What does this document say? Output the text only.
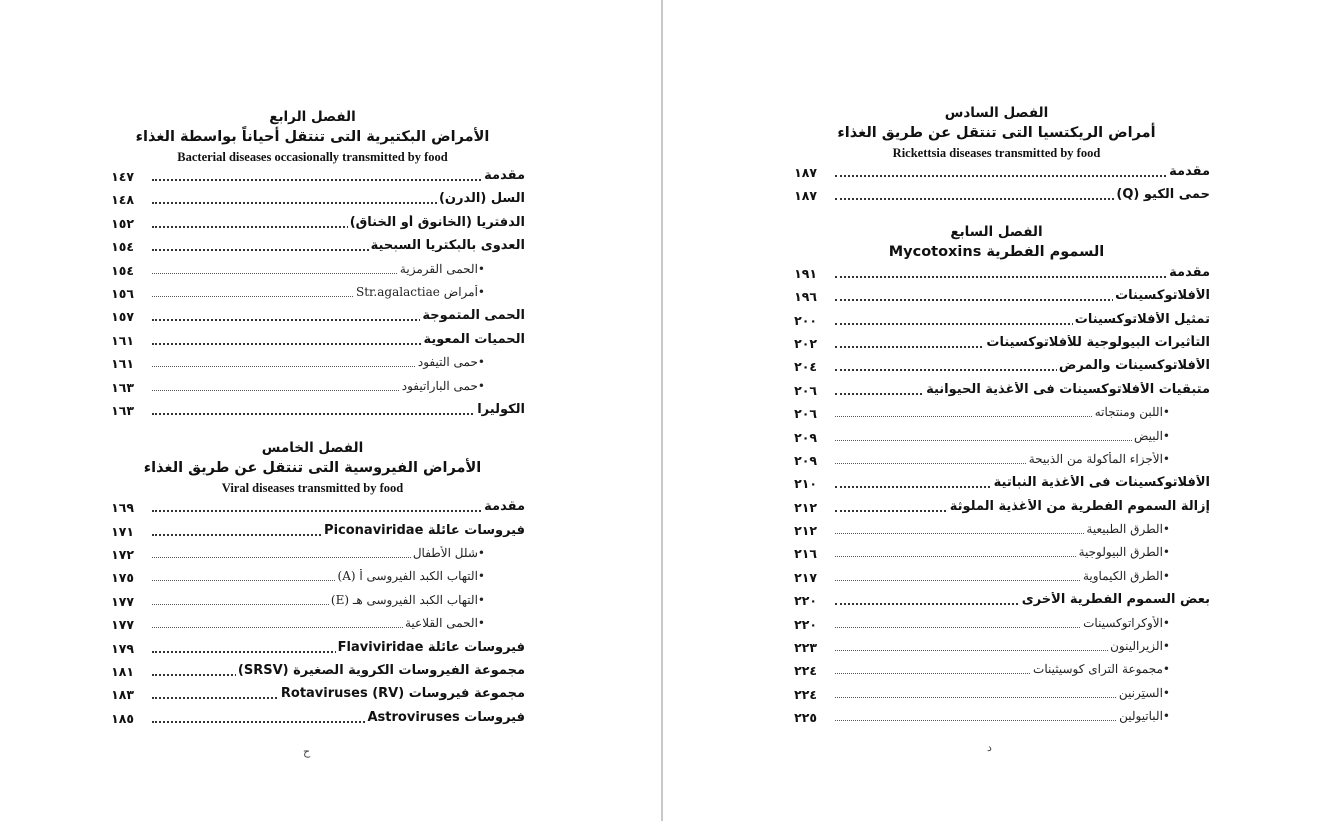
الفصل الرابع
الأمراض البكتيرية التى تنتقل أحياناً بواسطة الغذاء
Bacterial diseases occasionally transmitted by food
١٤٧	مقدمة
١٤٨	السل (الدرن)
١٥٢	الدفتريا (الخانوق أو الخناق)
١٥٤	العدوى بالبكتريا السبحية
١٥٤	•الحمى القرمزية
١٥٦	•أمراض Str.agalactiae
١٥٧	الحمى المتموجة
١٦١	الحميات المعوية
١٦١	•حمى التيفود
١٦٣	•حمى الباراتيفود
١٦٣	الكوليرا
الفصل الخامس
الأمراض الفيروسية التى تنتقل عن طريق الغذاء
Viral diseases transmitted by food
١٦٩	مقدمة
١٧١	فيروسات عائلة Piconaviridae
١٧٢	•شلل الأطفال
١٧٥	•التهاب الكبد الفيروسى أ (A)
١٧٧	•التهاب الكبد الفيروسى هـ (E)
١٧٧	•الحمى القلاعية
١٧٩	فيروسات عائلة Flaviviridae
١٨١	مجموعة الفيروسات الكروية الصغيرة (SRSV)
١٨٣	مجموعة فيروسات Rotaviruses (RV)
١٨٥	فيروسات Astroviruses
ح
الفصل السادس
أمراض الريكتسيا التى تنتقل عن طريق الغذاء
Rickettsia diseases transmitted by food
١٨٧	مقدمة
١٨٧	حمى الكيو (Q)
الفصل السابع
السموم الفطرية Mycotoxins
١٩١	مقدمة
١٩٦	الأفلاتوكسينات
٢٠٠	تمثيل الأفلاتوكسينات
٢٠٢	التأثيرات البيولوجية للأفلاتوكسينات
٢٠٤	الأفلاتوكسينات والمرض
٢٠٦	متبقيات الأفلاتوكسينات فى الأغذية الحيوانية
٢٠٦	•اللبن ومنتجاته
٢٠٩	•البيض
٢٠٩	•الأجزاء المأكولة من الذبيحة
٢١٠	الأفلاتوكسينات فى الأغذية النباتية
٢١٢	إزالة السموم الفطرية من الأغذية الملوثة
٢١٢	•الطرق الطبيعية
٢١٦	•الطرق البيولوجية
٢١٧	•الطرق الكيماوية
٢٢٠	بعض السموم الفطرية الأخرى
٢٢٠	•الأوكراتوكسينات
٢٢٣	•الزيرالينون
٢٢٤	•مجموعة التراى كوسيثينات
٢٢٤	•الستِرنين
٢٢٥	•الباتيولين
د
